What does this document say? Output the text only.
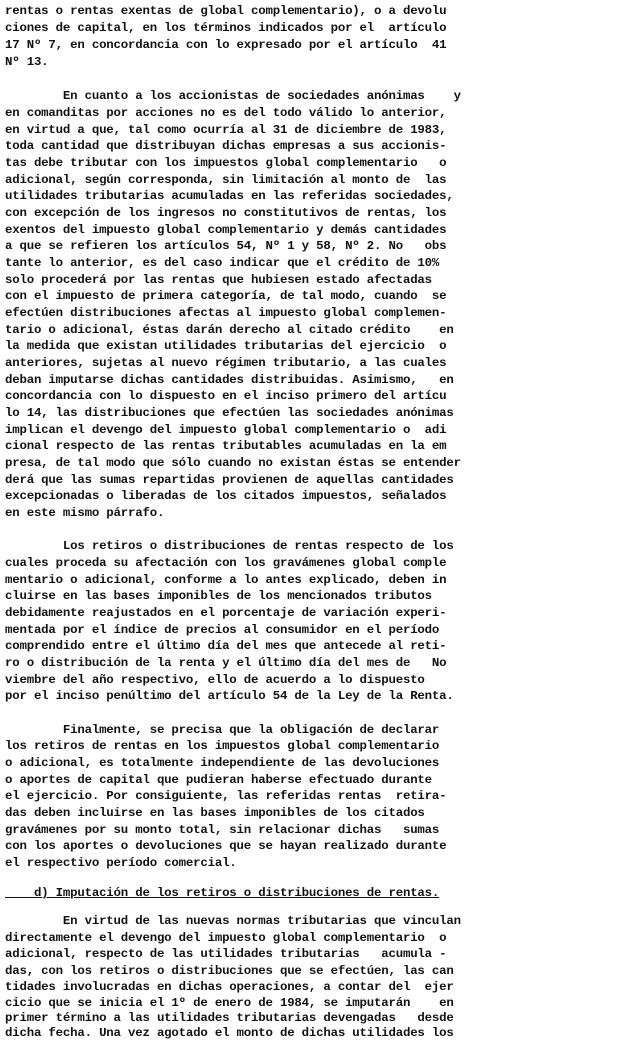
rentas o rentas exentas de global complementario), o a devolu
ciones de capital, en los términos indicados por el  artículo
17 Nº 7, en concordancia con lo expresado por el artículo  41
Nº 13.
En cuanto a los accionistas de sociedades anónimas    y
en comanditas por acciones no es del todo válido lo anterior,
en virtud a que, tal como ocurría al 31 de diciembre de 1983,
toda cantidad que distribuyan dichas empresas a sus accionis-
tas debe tributar con los impuestos global complementario   o
adicional, según corresponda, sin limitación al monto de  las
utilidades tributarias acumuladas en las referidas sociedades,
con excepción de los ingresos no constitutivos de rentas, los
exentos del impuesto global complementario y demás cantidades
a que se refieren los artículos 54, Nº 1 y 58, Nº 2. No   obs
tante lo anterior, es del caso indicar que el crédito de 10%
solo procederá por las rentas que hubiesen estado afectadas
con el impuesto de primera categoría, de tal modo, cuando  se
efectúen distribuciones afectas al impuesto global complemen-
tario o adicional, éstas darán derecho al citado crédito    en
la medida que existan utilidades tributarias del ejercicio  o
anteriores, sujetas al nuevo régimen tributario, a las cuales
deban imputarse dichas cantidades distribuidas. Asimismo,   en
concordancia con lo dispuesto en el inciso primero del artícu
lo 14, las distribuciones que efectúen las sociedades anónimas
implican el devengo del impuesto global complementario o  adi
cional respecto de las rentas tributables acumuladas en la em
presa, de tal modo que sólo cuando no existan éstas se entender
derá que las sumas repartidas provienen de aquellas cantidades
excepcionadas o liberadas de los citados impuestos, señalados
en este mismo párrafo.
Los retiros o distribuciones de rentas respecto de los
cuales proceda su afectación con los gravámenes global comple
mentario o adicional, conforme a lo antes explicado, deben in
cluirse en las bases imponibles de los mencionados tributos
debidamente reajustados en el porcentaje de variación experi-
mentada por el índice de precios al consumidor en el período
comprendido entre el último día del mes que antecede al reti-
ro o distribución de la renta y el último día del mes de   No
viembre del año respectivo, ello de acuerdo a lo dispuesto
por el inciso penúltimo del artículo 54 de la Ley de la Renta.
Finalmente, se precisa que la obligación de declarar
los retiros de rentas en los impuestos global complementario
o adicional, es totalmente independiente de las devoluciones
o aportes de capital que pudieran haberse efectuado durante
el ejercicio. Por consiguiente, las referidas rentas  retira-
das deben incluirse en las bases imponibles de los citados
gravámenes por su monto total, sin relacionar dichas   sumas
con los aportes o devoluciones que se hayan realizado durante
el respectivo período comercial.
d) Imputación de los retiros o distribuciones de rentas.
En virtud de las nuevas normas tributarias que vinculan
directamente el devengo del impuesto global complementario  o
adicional, respecto de las utilidades tributarias   acumula -
das, con los retiros o distribuciones que se efectúen, las can
tidades involucradas en dichas operaciones, a contar del  ejer
cicio que se inicia el 1º de enero de 1984, se imputarán    en
primer término a las utilidades tributarias devengadas   desde
dicha fecha. Una vez agotado el monto de dichas utilidades los
